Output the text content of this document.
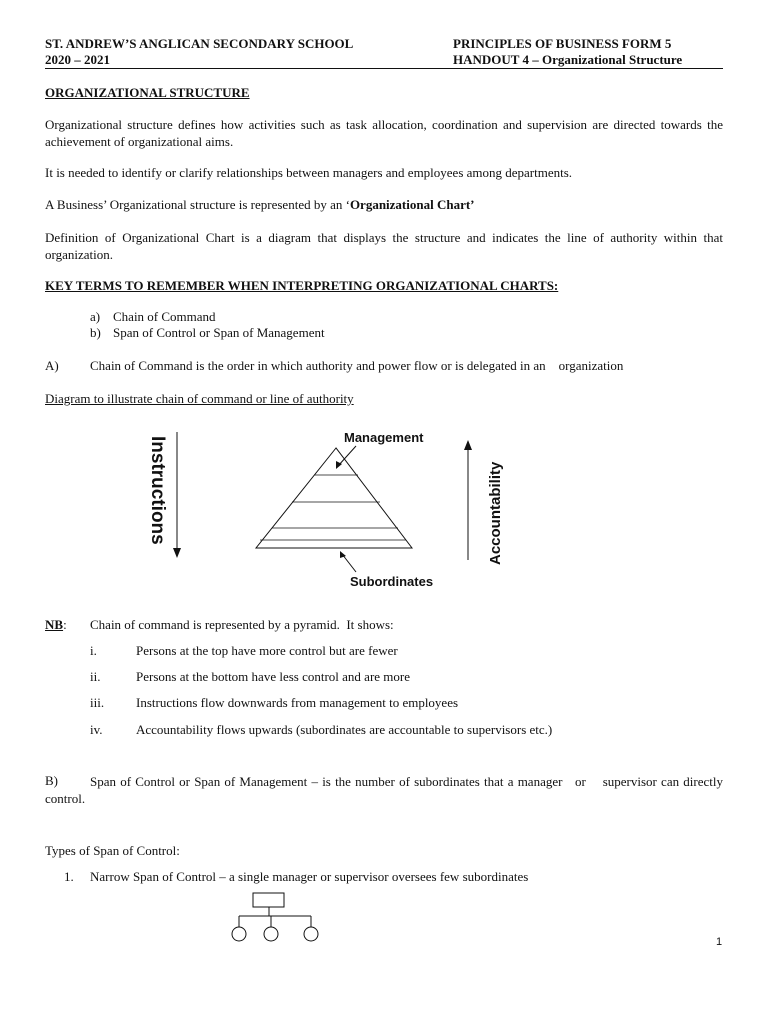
ST. ANDREW’S ANGLICAN SECONDARY SCHOOL
2020 – 2021
PRINCIPLES OF BUSINESS FORM 5
HANDOUT 4 – Organizational Structure
ORGANIZATIONAL STRUCTURE

Organizational structure defines how activities such as task allocation, coordination and supervision are directed towards the achievement of organizational aims.

It is needed to identify or clarify relationships between managers and employees among departments.

A Business’ Organizational structure is represented by an ‘Organizational Chart’

Definition of Organizational Chart is a diagram that displays the structure and indicates the line of authority within that organization.

KEY TERMS TO REMEMBER WHEN INTERPRETING ORGANIZATIONAL CHARTS:
a) Chain of Command
b) Span of Control or Span of Management
A) Chain of Command is the order in which authority and power flow or is delegated in an    organization
Diagram to illustrate chain of command or line of authority
Instructions	Management
Subordinates
Accountability
NB: Chain of command is represented by a pyramid.  It shows:
i.	Persons at the top have more control but are fewer
ii.	Persons at the bottom have less control and are more
iii. Instructions flow downwards from management to employees
iv.	Accountability flows upwards (subordinates are accountable to supervisors etc.)
B)	Span of Control or Span of Management – is the number of subordinates that a manager   or    supervisor can directly control.

Types of Span of Control:
1. Narrow Span of Control – a single manager or supervisor oversees few subordinates
1
